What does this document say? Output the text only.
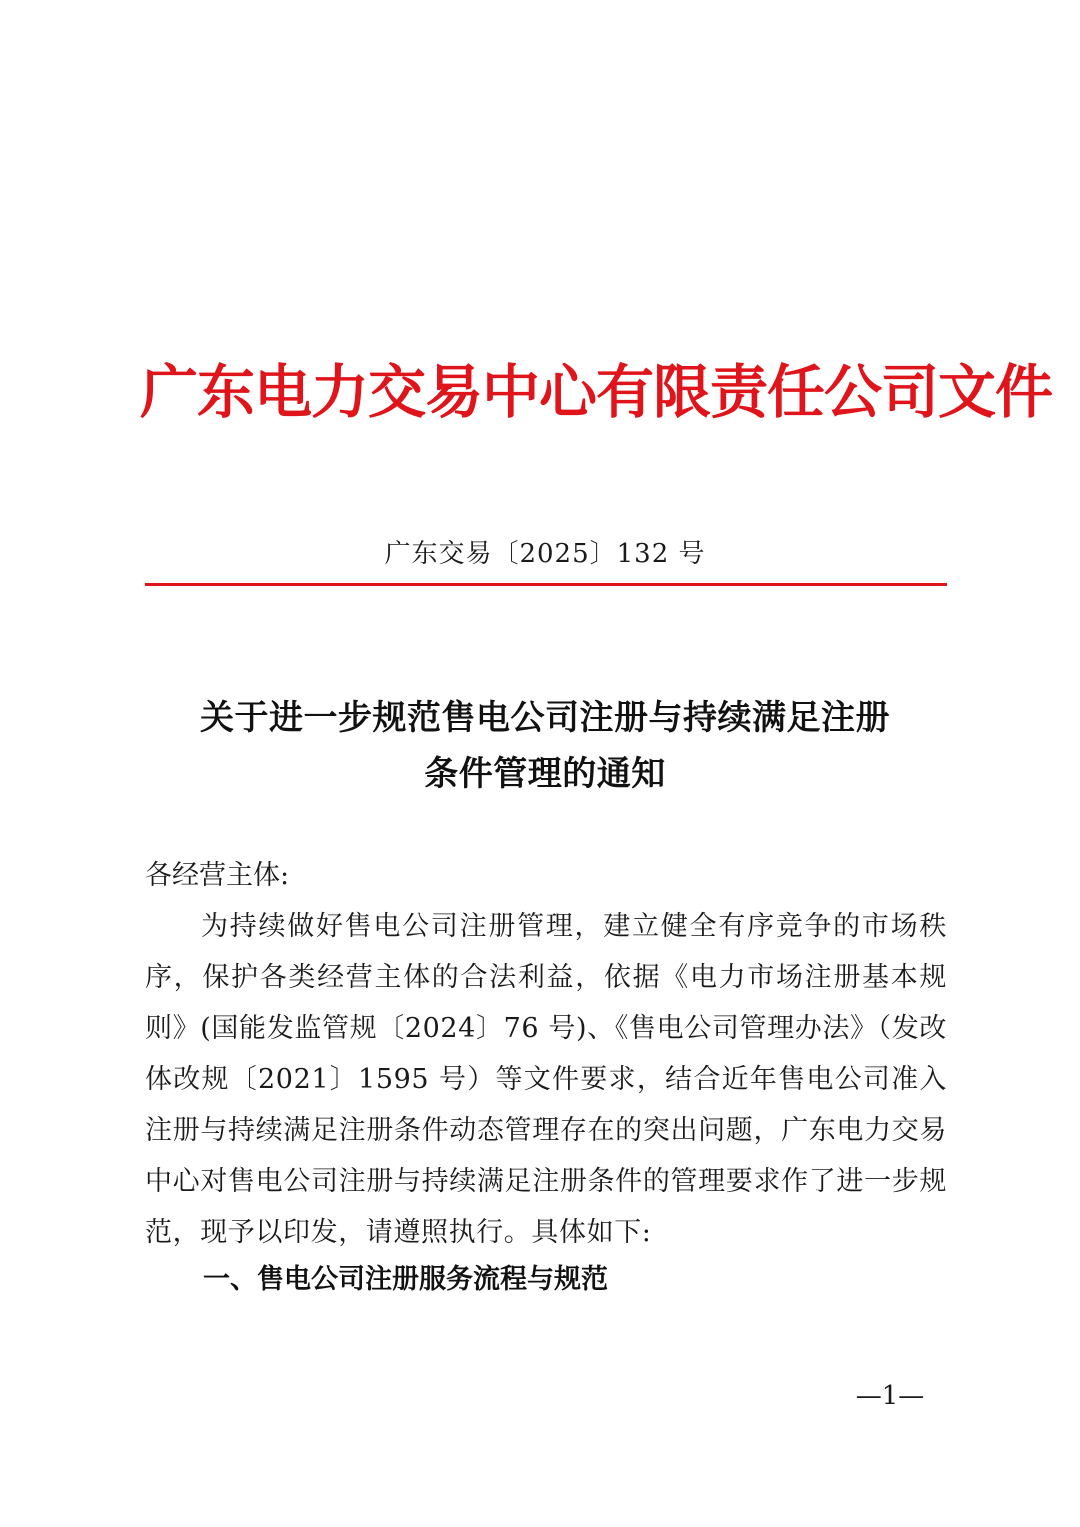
广东电力交易中心有限责任公司文件
广东交易〔2025〕132 号
关于进一步规范售电公司注册与持续满足注册
条件管理的通知
各经营主体:
为持续做好售电公司注册管理，建立健全有序竞争的市场秩序，保护各类经营主体的合法利益，依据《电力市场注册基本规则》(国能发监管规〔2024〕76 号)、《售电公司管理办法》（发改体改规〔2021〕1595 号）等文件要求，结合近年售电公司准入注册与持续满足注册条件动态管理存在的突出问题，广东电力交易中心对售电公司注册与持续满足注册条件的管理要求作了进一步规范，现予以印发，请遵照执行。具体如下:
一、售电公司注册服务流程与规范
—1—
